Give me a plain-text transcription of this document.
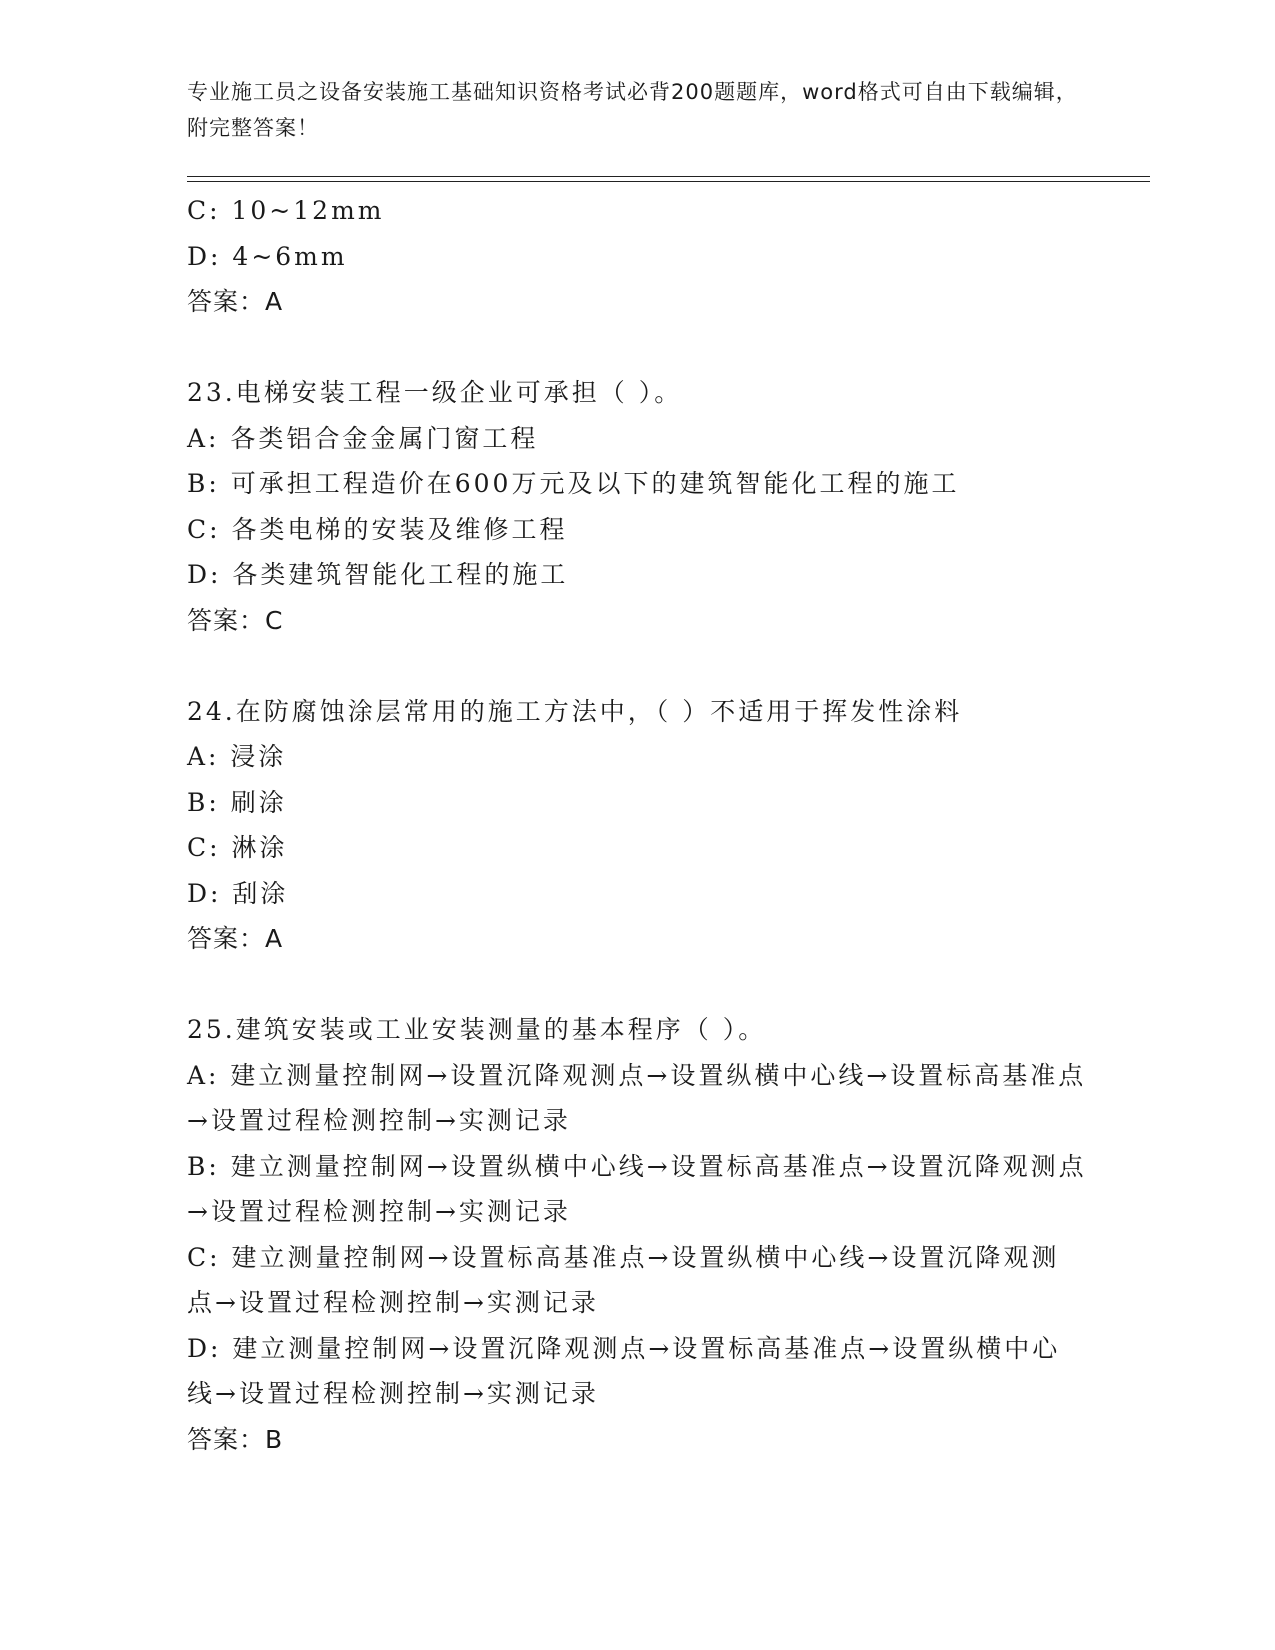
专业施工员之设备安装施工基础知识资格考试必背200题题库，word格式可自由下载编辑，附完整答案！
C: 10~12mm
D: 4~6mm
答案：A
23.电梯安装工程一级企业可承担（ ）。
A: 各类铝合金金属门窗工程
B: 可承担工程造价在600万元及以下的建筑智能化工程的施工
C: 各类电梯的安装及维修工程
D: 各类建筑智能化工程的施工
答案：C
24.在防腐蚀涂层常用的施工方法中，（ ）不适用于挥发性涂料
A: 浸涂
B: 刷涂
C: 淋涂
D: 刮涂
答案：A
25.建筑安装或工业安装测量的基本程序（ ）。
A: 建立测量控制网→设置沉降观测点→设置纵横中心线→设置标高基准点→设置过程检测控制→实测记录
B: 建立测量控制网→设置纵横中心线→设置标高基准点→设置沉降观测点→设置过程检测控制→实测记录
C: 建立测量控制网→设置标高基准点→设置纵横中心线→设置沉降观测点→设置过程检测控制→实测记录
D: 建立测量控制网→设置沉降观测点→设置标高基准点→设置纵横中心线→设置过程检测控制→实测记录
答案：B
